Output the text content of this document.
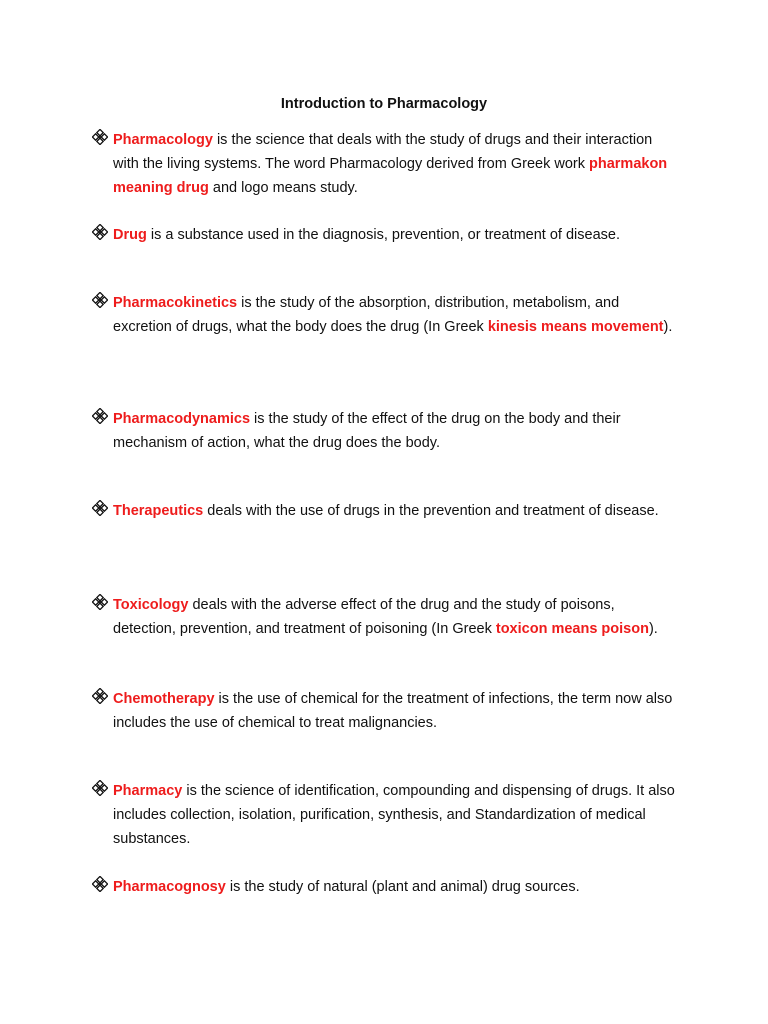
Introduction to Pharmacology
Pharmacology is the science that deals with the study of drugs and their interaction with the living systems. The word Pharmacology derived from Greek work pharmakon meaning drug and logo means study.
Drug is a substance used in the diagnosis, prevention, or treatment of disease.
Pharmacokinetics is the study of the absorption, distribution, metabolism, and excretion of drugs, what the body does the drug (In Greek kinesis means movement).
Pharmacodynamics is the study of the effect of the drug on the body and their mechanism of action, what the drug does the body.
Therapeutics deals with the use of drugs in the prevention and treatment of disease.
Toxicology deals with the adverse effect of the drug and the study of poisons, detection, prevention, and treatment of poisoning (In Greek toxicon means poison).
Chemotherapy is the use of chemical for the treatment of infections, the term now also includes the use of chemical to treat malignancies.
Pharmacy is the science of identification, compounding and dispensing of drugs. It also includes collection, isolation, purification, synthesis, and Standardization of medical substances.
Pharmacognosy is the study of natural (plant and animal) drug sources.
